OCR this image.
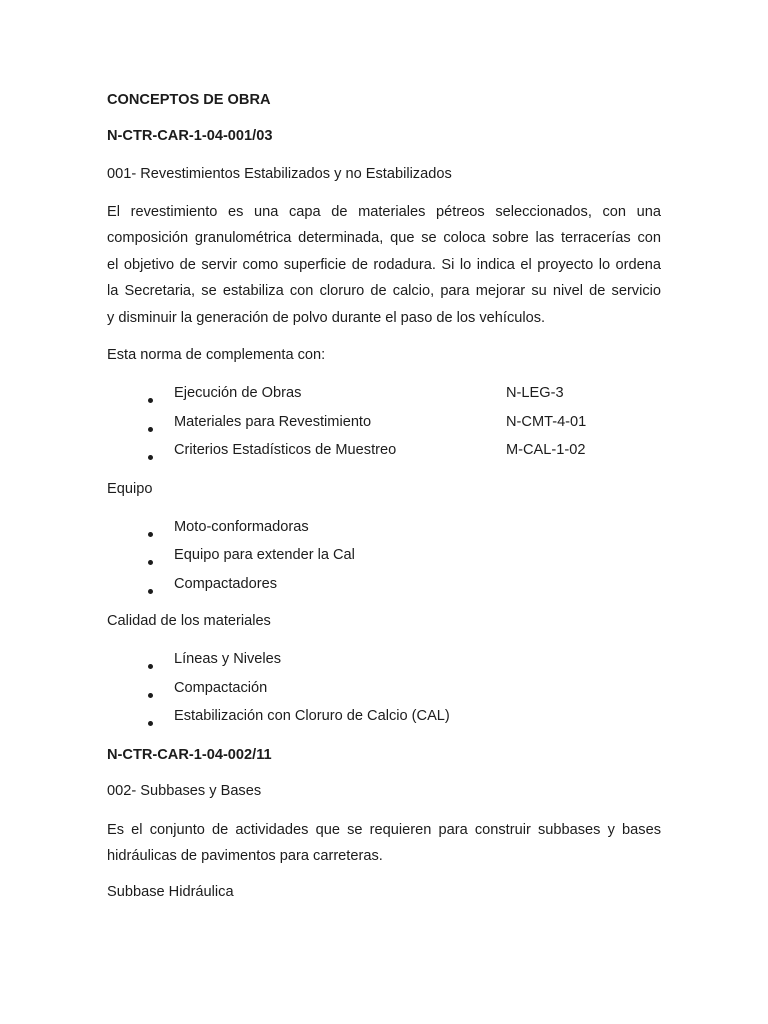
CONCEPTOS DE OBRA
N-CTR-CAR-1-04-001/03
001- Revestimientos Estabilizados y no Estabilizados
El revestimiento es una capa de materiales pétreos seleccionados, con una
composición granulométrica determinada, que se coloca sobre las terracerías con
el objetivo de servir como superficie de rodadura. Si lo indica el proyecto lo ordena
la Secretaria, se estabiliza con cloruro de calcio, para mejorar su nivel de servicio
y disminuir la generación de polvo durante el paso de los vehículos.
Esta norma de complementa con:
Ejecución de Obras	N-LEG-3
Materiales para Revestimiento	N-CMT-4-01
Criterios Estadísticos de Muestreo	M-CAL-1-02
Equipo
Moto-conformadoras
Equipo para extender la Cal
Compactadores
Calidad de los materiales
Líneas y Niveles
Compactación
Estabilización con Cloruro de Calcio (CAL)
N-CTR-CAR-1-04-002/11
002- Subbases y Bases
Es el conjunto de actividades que se requieren para construir subbases y bases
hidráulicas de pavimentos para carreteras.
Subbase Hidráulica
